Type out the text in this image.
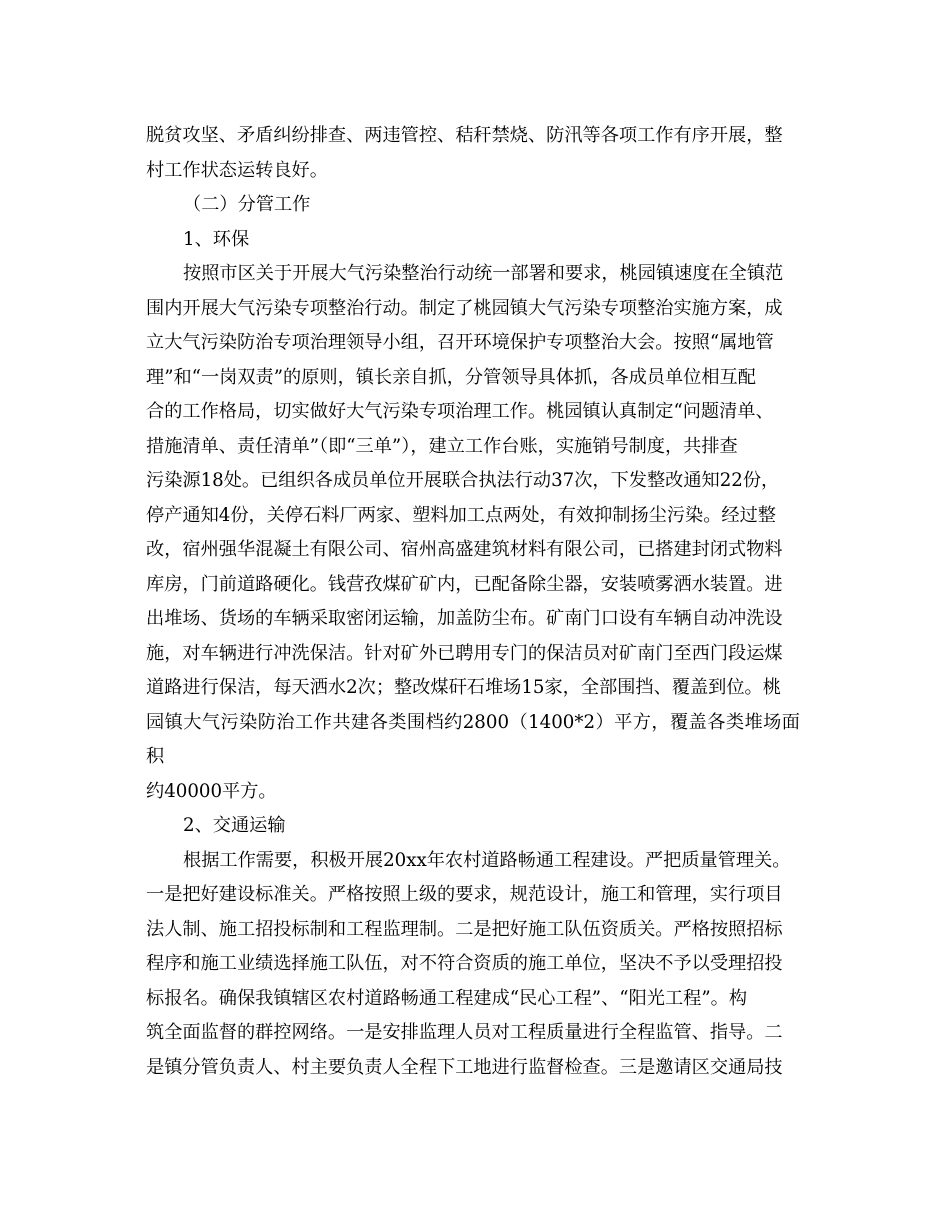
脱贫攻坚、矛盾纠纷排查、两违管控、秸秆禁烧、防汛等各项工作有序开展，整
村工作状态运转良好。

（二）分管工作

1、环保

按照市区关于开展大气污染整治行动统一部署和要求，桃园镇速度在全镇范
围内开展大气污染专项整治行动。制定了桃园镇大气污染专项整治实施方案，成
立大气污染防治专项治理领导小组，召开环境保护专项整治大会。按照“属地管
理”和“一岗双责”的原则，镇长亲自抓，分管领导具体抓，各成员单位相互配
合的工作格局，切实做好大气污染专项治理工作。桃园镇认真制定“问题清单、
措施清单、责任清单”（即“三单”），建立工作台账，实施销号制度，共排查
污染源18处。已组织各成员单位开展联合执法行动37次，下发整改通知22份，
停产通知4份，关停石料厂两家、塑料加工点两处，有效抑制扬尘污染。经过整
改，宿州强华混凝土有限公司、宿州高盛建筑材料有限公司，已搭建封闭式物料
库房，门前道路硬化。钱营孜煤矿矿内，已配备除尘器，安装喷雾洒水装置。进
出堆场、货场的车辆采取密闭运输，加盖防尘布。矿南门口设有车辆自动冲洗设
施，对车辆进行冲洗保洁。针对矿外已聘用专门的保洁员对矿南门至西门段运煤
道路进行保洁，每天洒水2次；整改煤矸石堆场15家，全部围挡、覆盖到位。桃
园镇大气污染防治工作共建各类围档约2800（1400*2）平方，覆盖各类堆场面积
约40000平方。

2、交通运输

根据工作需要，积极开展20xx年农村道路畅通工程建设。严把质量管理关。
一是把好建设标准关。严格按照上级的要求，规范设计，施工和管理，实行项目
法人制、施工招投标制和工程监理制。二是把好施工队伍资质关。严格按照招标
程序和施工业绩选择施工队伍，对不符合资质的施工单位，坚决不予以受理招投
标报名。确保我镇辖区农村道路畅通工程建成“民心工程”、“阳光工程”。构
筑全面监督的群控网络。一是安排监理人员对工程质量进行全程监管、指导。二
是镇分管负责人、村主要负责人全程下工地进行监督检查。三是邀请区交通局技
